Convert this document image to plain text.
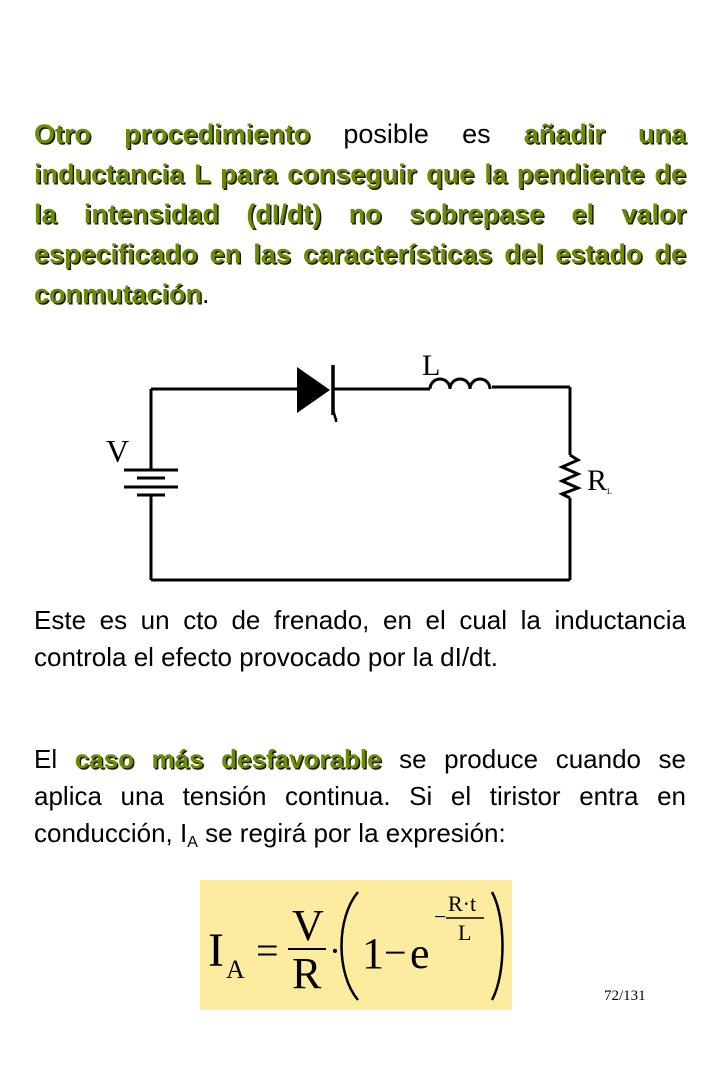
Otro procedimiento posible es añadir una inductancia L para conseguir que la pendiente de la intensidad (dI/dt) no sobrepase el valor especificado en las características del estado de conmutación.
V
L
R L
Este es un cto de frenado, en el cual la inductancia controla el efecto provocado por la dI/dt.
El caso más desfavorable se produce cuando se aplica una tensión continua. Si el tiristor entra en conducción, $I_A$ se regirá por la expresión:
I A =
V
R · 1 − e
−
R·t
L
72/131
